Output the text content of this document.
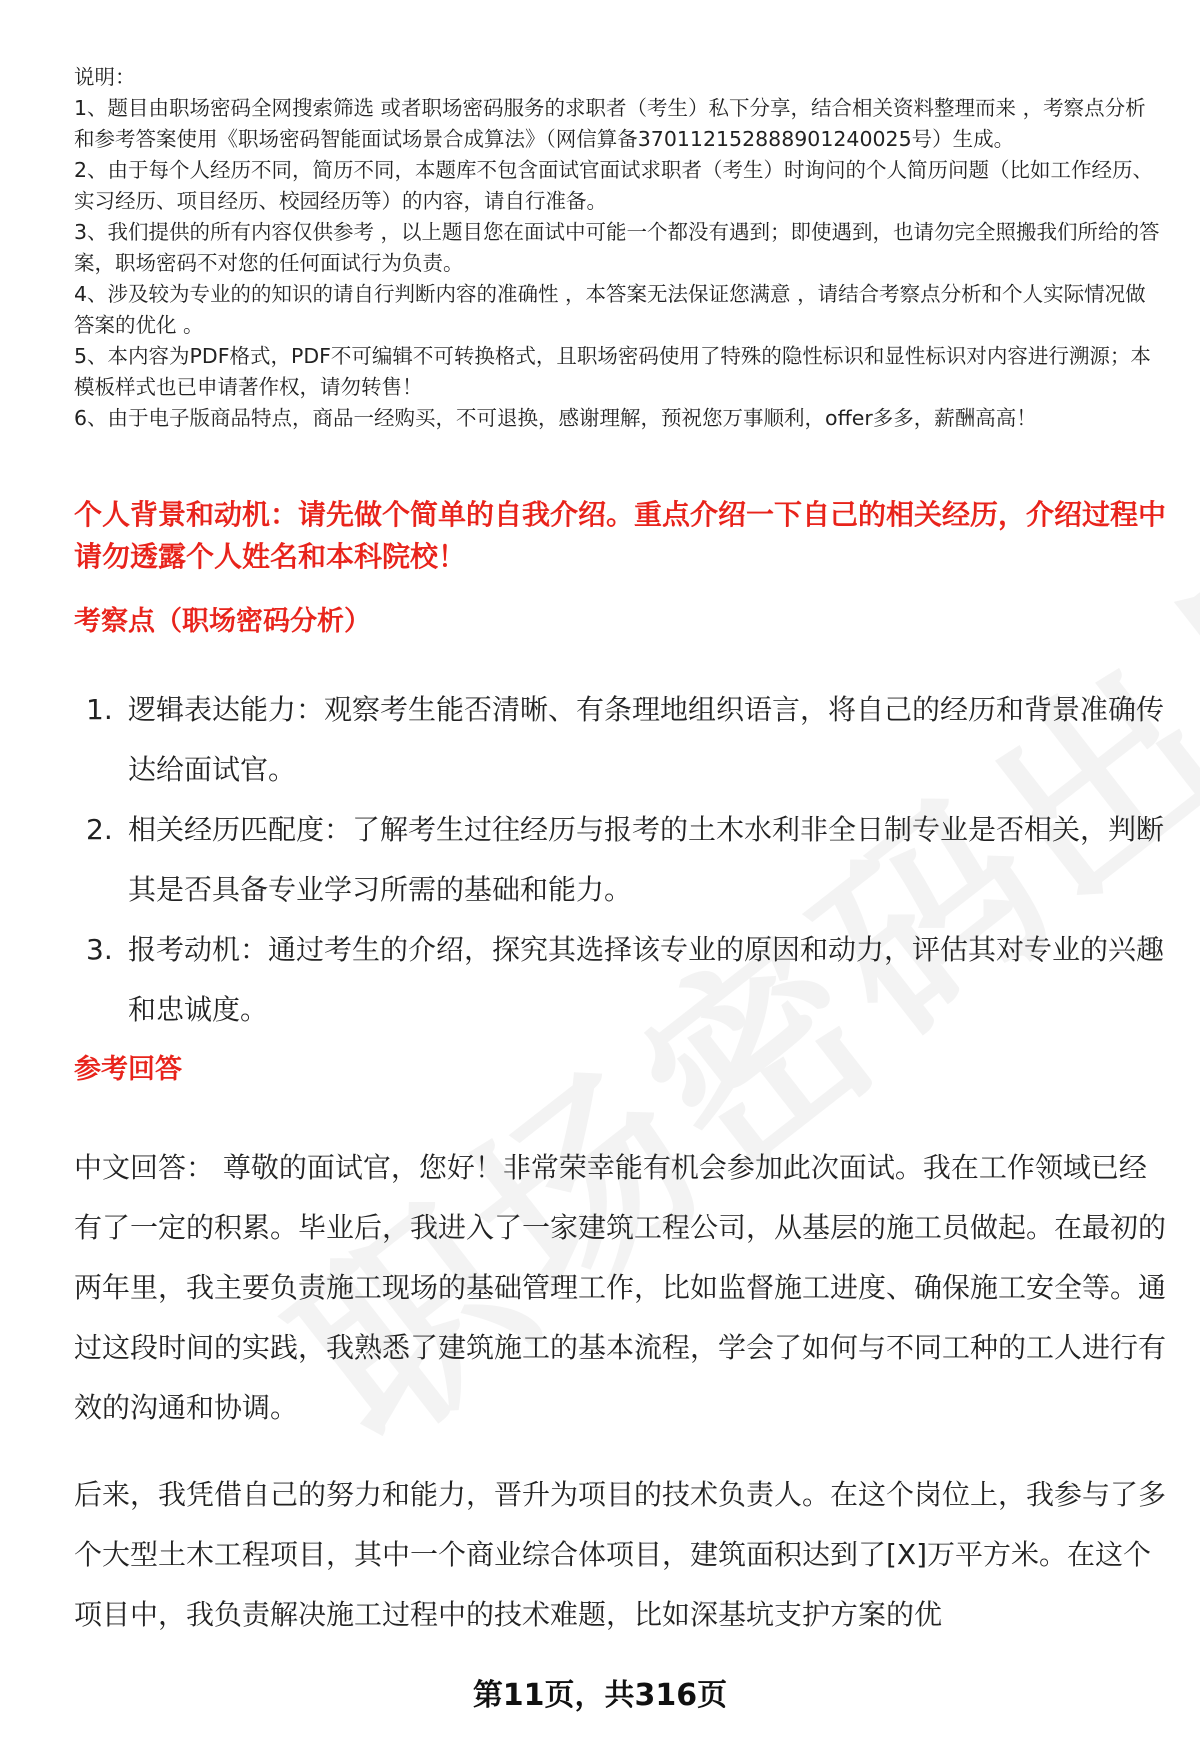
说明：

1、题目由职场密码全网搜索筛选 或者职场密码服务的求职者（考生）私下分享，结合相关资料整理而来 ，考察点分析和参考答案使用《职场密码智能面试场景合成算法》（网信算备370112152888901240025号）生成。

2、由于每个人经历不同，简历不同，本题库不包含面试官面试求职者（考生）时询问的个人简历问题（比如工作经历、实习经历、项目经历、校园经历等）的内容，请自行准备。

3、我们提供的所有内容仅供参考 ，以上题目您在面试中可能一个都没有遇到；即使遇到，也请勿完全照搬我们所给的答案，职场密码不对您的任何面试行为负责。

4、涉及较为专业的的知识的请自行判断内容的准确性 ，本答案无法保证您满意 ，请结合考察点分析和个人实际情况做答案的优化 。

5、本内容为PDF格式，PDF不可编辑不可转换格式，且职场密码使用了特殊的隐性标识和显性标识对内容进行溯源；本模板样式也已申请著作权，请勿转售！

6、由于电子版商品特点，商品一经购买，不可退换，感谢理解，预祝您万事顺利，offer多多，薪酬高高！

个人背景和动机：请先做个简单的自我介绍。重点介绍一下自己的相关经历，介绍过程中请勿透露个人姓名和本科院校！
考察点（职场密码分析）
1. 逻辑表达能力：观察考生能否清晰、有条理地组织语言，将自己的经历和背景准确传达给面试官。
2. 相关经历匹配度：了解考生过往经历与报考的土木水利非全日制专业是否相关，判断其是否具备专业学习所需的基础和能力。
3. 报考动机：通过考生的介绍，探究其选择该专业的原因和动力，评估其对专业的兴趣和忠诚度。
参考回答

中文回答： 尊敬的面试官，您好！非常荣幸能有机会参加此次面试。我在工作领域已经有了一定的积累。毕业后，我进入了一家建筑工程公司，从基层的施工员做起。在最初的两年里，我主要负责施工现场的基础管理工作，比如监督施工进度、确保施工安全等。通过这段时间的实践，我熟悉了建筑施工的基本流程，学会了如何与不同工种的工人进行有效的沟通和协调。

后来，我凭借自己的努力和能力，晋升为项目的技术负责人。在这个岗位上，我参与了多个大型土木工程项目，其中一个商业综合体项目，建筑面积达到了[X]万平方米。在这个项目中，我负责解决施工过程中的技术难题，比如深基坑支护方案的优

第11页，共316页
